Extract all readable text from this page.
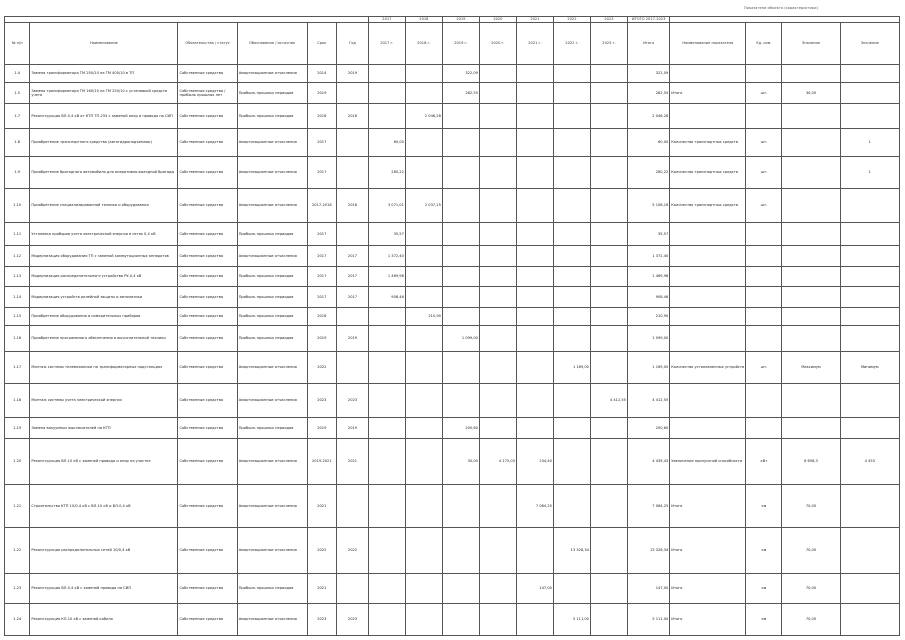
Показатели объекта (характеристики)
						2017	2018	2019	2020	2021	2022	2023	ИТОГО 2017-2023				
№ п/п	Наименование	Обязательства / статус	Обоснование / источник	Срок	Год	2017 г.	2018 г.	2019 г.	2020 г.	2021 г.	2022 г.	2023 г.	Итого	Наименование показателя	Ед. изм.	Значение	Значение
1.4	Замена трансформатора ТМ 250/10 на ТМ 400/10 в ТП	Собственные средства	Амортизационные отчисления	2014	2019			322,09					322,09				
1.5	Замена трансформатора ТМ 160/10 на ТМ 250/10 с установкой средств учета	Собственные средства / прибыль прошлых лет	Прибыль прошлых периодов	2019				282,55					282,55	Итого	шт.	30,00	
1.7	Реконструкция ВЛ-0,4 кВ от КТП ТП-255 с заменой опор и провода на СИП	Собственные средства	Прибыль прошлых периодов	2018	2018		2 046,28						2 046,28				
1.8	Приобретение транспортного средства (автогидроподъемник)	Собственные средства	Амортизационные отчисления	2017		60,00							60,00	Количество транспортных средств	шт.		1
1.9	Приобретение бригадного автомобиля для оперативно-выездной бригады	Собственные средства	Амортизационные отчисления	2017		280,22							280,22	Количество транспортных средств	шт.		1
1.10	Приобретение специализированной техники и оборудования	Собственные средства	Амортизационные отчисления	2017-2018	2018	3 071,01	2 037,15						5 108,16	Количество транспортных средств	шт.		
1.11	Установка приборов учета электрической энергии в сетях 0,4 кВ	Собственные средства	Прибыль прошлых периодов	2017		35,57							35,57				
1.12	Модернизация оборудования ТП с заменой коммутационных аппаратов	Собственные средства	Амортизационные отчисления	2017	2017	1 372,40							1 372,40				
1.13	Модернизация распределительного устройства РУ-0,4 кВ	Собственные средства	Прибыль прошлых периодов	2017	2017	1 469,98							1 469,98				
1.14	Модернизация устройств релейной защиты и автоматики	Собственные средства	Прибыль прошлых периодов	2017	2017	908,46							908,46				
1.15	Приобретение оборудования и измерительных приборов	Собственные средства	Прибыль прошлых периодов	2018			210,90						210,90				
1.16	Приобретение программного обеспечения и вычислительной техники	Собственные средства	Прибыль прошлых периодов	2019	2019			1 099,00					1 099,00				
1.17	Монтаж системы телемеханики на трансформаторных подстанциях	Собственные средства	Амортизационные отчисления	2022							1 169,00		1 169,00	Количество установленных устройств	шт.	Максимум	Минимум
1.18	Монтаж системы учета электрической энергии	Собственные средства	Амортизационные отчисления	2023	2023							4 412,55	4 412,55				
1.19	Замена вакуумных выключателей на КТП	Собственные средства	Прибыль прошлых периодов	2019	2019			200,60					200,60				
1.20	Реконструкция ВЛ-10 кВ с заменой провода и опор на участке	Собственные средства	Амортизационные отчисления	2019-2021	2021			30,00	4 175,03	234,40			4 439,43	Увеличение пропускной способности	кВт	6 658,3	4 453
1.21	Строительство КТП 10/0,4 кВ с ВЛ-10 кВ и ВЛ-0,4 кВ	Собственные средства	Амортизационные отчисления	2021						7 064,25			7 064,25	Итого	км	70,00	
1.22	Реконструкция распределительных сетей 10/0,4 кВ	Собственные средства	Амортизационные отчисления	2022	2022						13 328,34		13 328,34	Итого	км	70,00	
1.23	Реконструкция ВЛ-0,4 кВ с заменой провода на СИП	Собственные средства	Прибыль прошлых периодов	2021						147,00			147,00	Итого	км	70,00	
1.24	Реконструкция КЛ-10 кВ с заменой кабеля	Собственные средства	Амортизационные отчисления	2023	2023						5 111,00		5 111,00	Итого	км	70,00	
